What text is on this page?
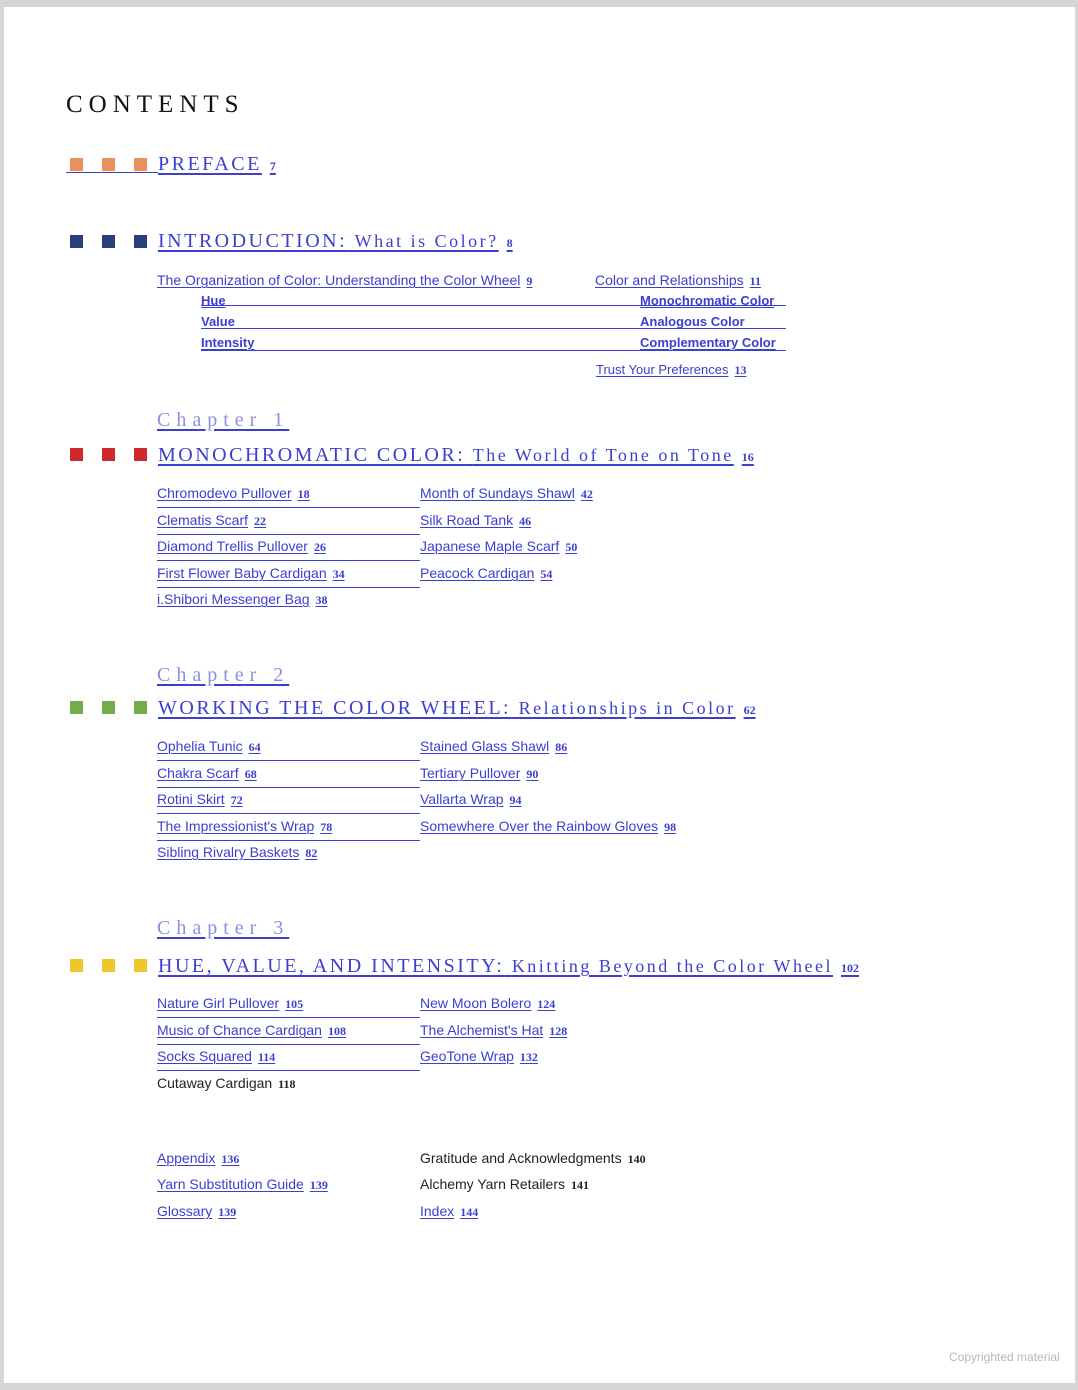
CONTENTS
PREFACE 7
INTRODUCTION: What is Color? 8
The Organization of Color: Understanding the Color Wheel 9	Color and Relationships 11
Hue
Value
Intensity
Monochromatic Color
Analogous Color
Complementary Color
Trust Your Preferences 13
Chapter 1
MONOCHROMATIC COLOR: The World of Tone on Tone 16
Chromodevo Pullover 18
Clematis Scarf 22
Diamond Trellis Pullover 26
First Flower Baby Cardigan 34
i.Shibori Messenger Bag 38
Month of Sundays Shawl 42
Silk Road Tank 46
Japanese Maple Scarf 50
Peacock Cardigan 54
Chapter 2
WORKING THE COLOR WHEEL: Relationships in Color 62
Ophelia Tunic 64
Chakra Scarf 68
Rotini Skirt 72
The Impressionist's Wrap 78
Sibling Rivalry Baskets 82
Stained Glass Shawl 86
Tertiary Pullover 90
Vallarta Wrap 94
Somewhere Over the Rainbow Gloves 98
Chapter 3
HUE, VALUE, AND INTENSITY: Knitting Beyond the Color Wheel 102
Nature Girl Pullover 105
Music of Chance Cardigan 108
Socks Squared 114
Cutaway Cardigan 118
New Moon Bolero 124
The Alchemist's Hat 128
GeoTone Wrap 132
Appendix 136
Yarn Substitution Guide 139
Glossary 139
Gratitude and Acknowledgments 140
Alchemy Yarn Retailers 141
Index 144
Copyrighted material
